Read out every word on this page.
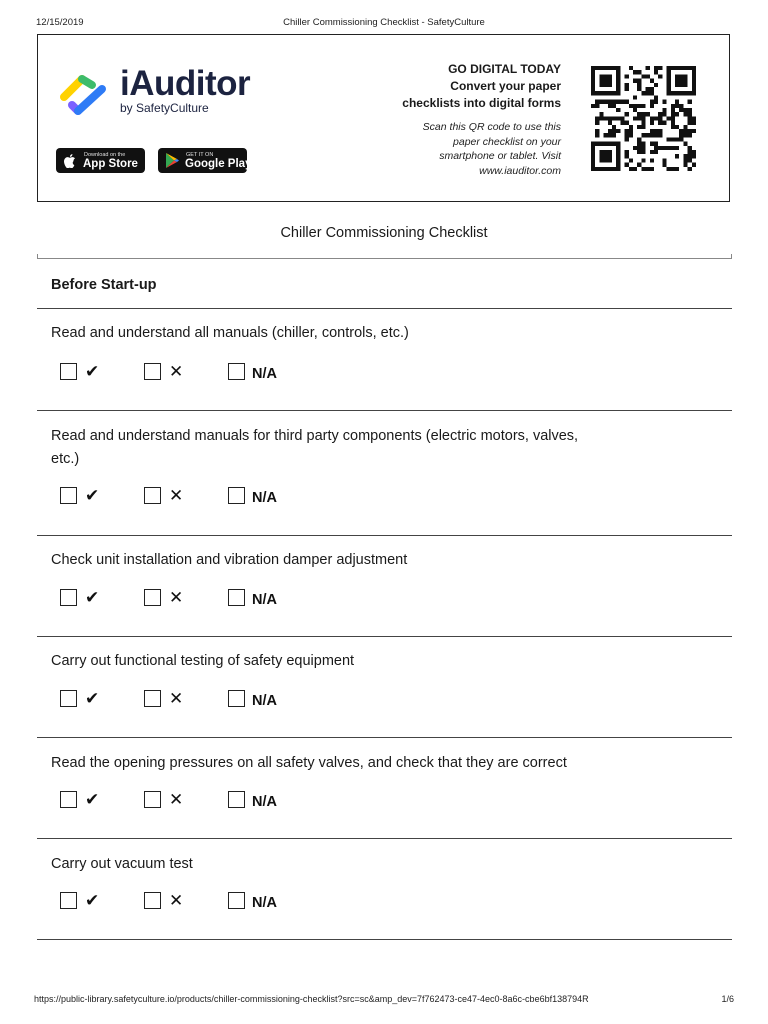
12/15/2019	Chiller Commissioning Checklist - SafetyCulture
iAuditor
by SafetyCulture
Download on the
App Store
GET IT ON
Google Play
GO DIGITAL TODAY
Convert your paper
checklists into digital forms
Scan this QR code to use this paper checklist on your smartphone or tablet. Visit www.iauditor.com
Chiller Commissioning Checklist
Before Start-up
Read and understand all manuals (chiller, controls, etc.)
✔	✕	N/A
Read and understand manuals for third party components (electric motors, valves, etc.)
✔	✕	N/A
Check unit installation and vibration damper adjustment
✔	✕	N/A
Carry out functional testing of safety equipment
✔	✕	N/A
Read the opening pressures on all safety valves, and check that they are correct
✔	✕	N/A
Carry out vacuum test
✔	✕	N/A
https://public-library.safetyculture.io/products/chiller-commissioning-checklist?src=sc&amp_dev=7f762473-ce47-4ec0-8a6c-cbe6bf138794R	1/6
